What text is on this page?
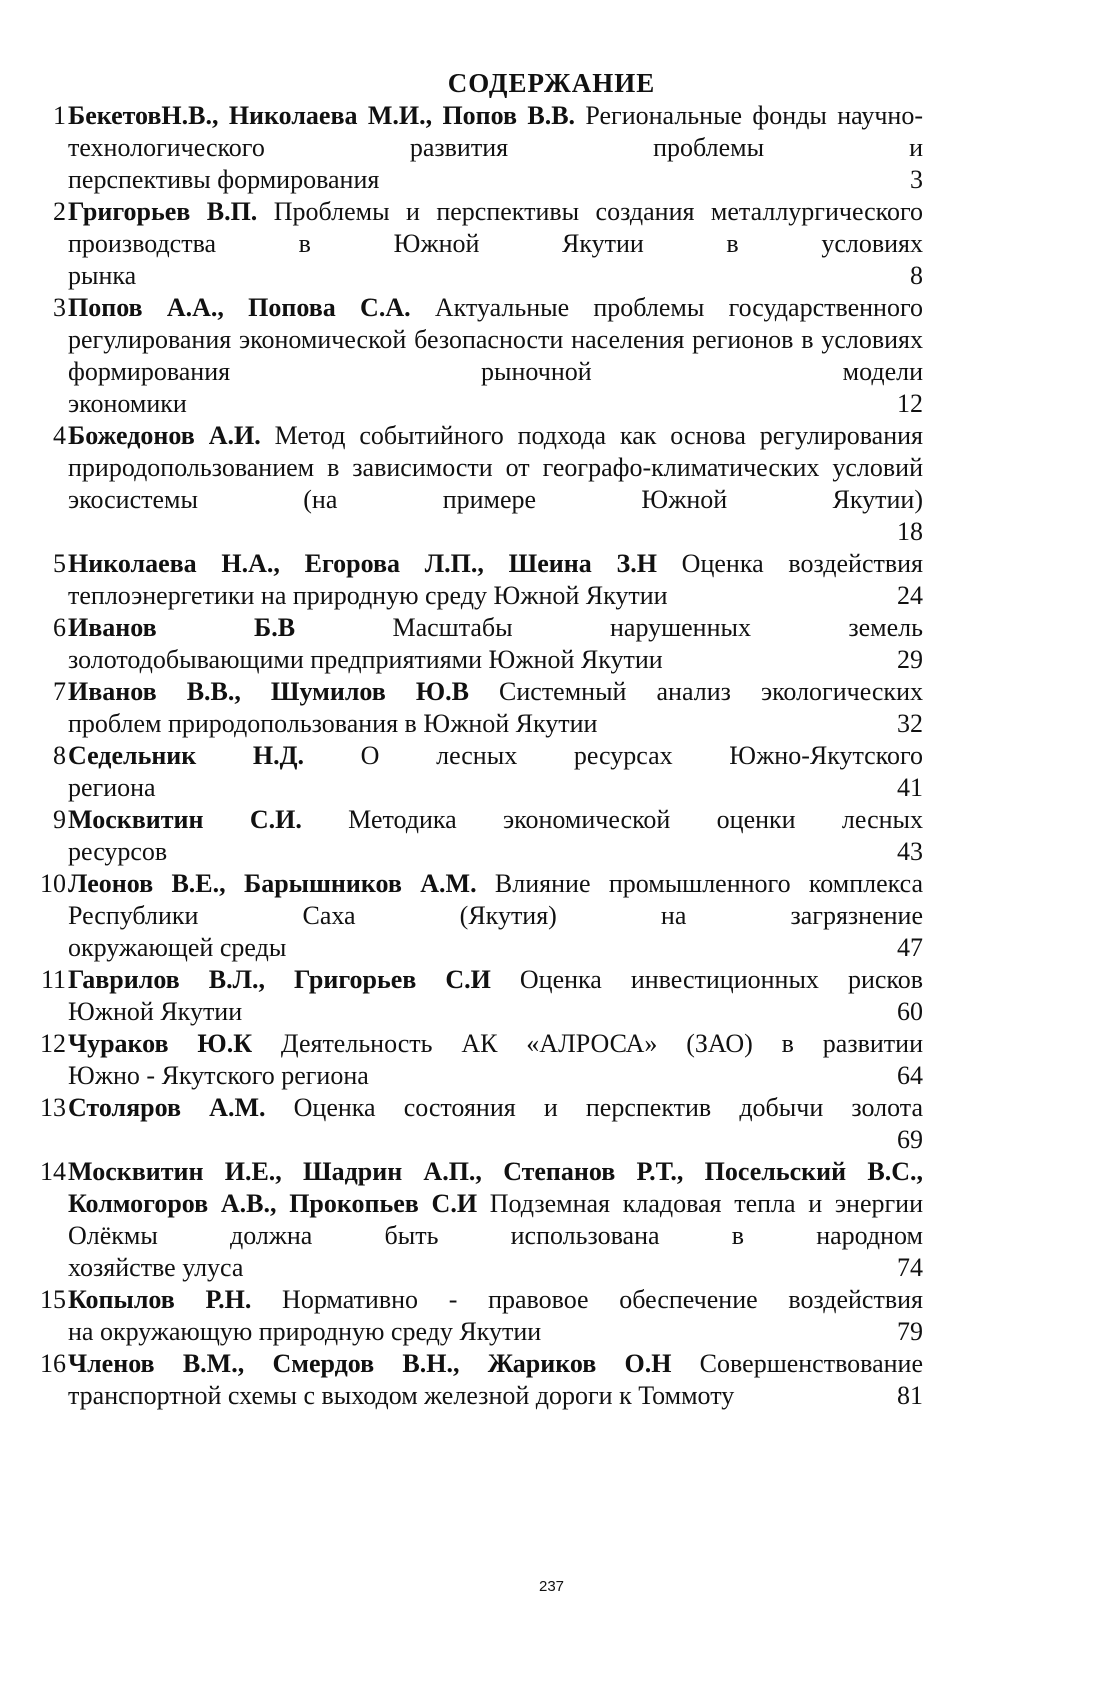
СОДЕРЖАНИЕ
1 БекетовН.В., Николаева М.И., Попов В.В. Региональные фонды научно-технологического развития проблемы и
перспективы формирования	3
2 Григорьев В.П. Проблемы и перспективы создания металлургического производства в Южной Якутии в условиях
рынка	8
3 Попов А.А., Попова С.А. Актуальные проблемы государственного регулирования экономической безопасности населения регионов в условиях формирования рыночной модели
экономики	12
4 Божедонов А.И. Метод событийного подхода как основа регулирования природопользованием в зависимости от географо-климатических условий экосистемы (на примере Южной Якутии)
18
5 Николаева Н.А., Егорова Л.П., Шеина З.Н Оценка воздействия
теплоэнергетики на природную среду Южной Якутии	24
6 Иванов Б.В Масштабы нарушенных земель
золотодобывающими предприятиями Южной Якутии	29
7 Иванов В.В., Шумилов Ю.В Системный анализ экологических
проблем природопользования в Южной Якутии	32
8 Седельник Н.Д. О лесных ресурсах Южно-Якутского
региона	41
9 Москвитин С.И. Методика экономической оценки лесных
ресурсов	43
10 Леонов В.Е., Барышников А.М. Влияние промышленного комплекса Республики Саха (Якутия) на загрязнение
окружающей среды	47
11 Гаврилов В.Л., Григорьев С.И Оценка инвестиционных рисков
Южной Якутии	60
12 Чураков Ю.К Деятельность АК «АЛРОСА» (ЗАО) в развитии
Южно - Якутского региона	64
13 Столяров А.М. Оценка состояния и перспектив добычи золота
69
14 Москвитин И.Е., Шадрин А.П., Степанов Р.Т., Посельский В.С., Колмогоров А.В., Прокопьев С.И Подземная кладовая тепла и энергии Олёкмы должна быть использована в народном
хозяйстве улуса	74
15 Копылов Р.Н. Нормативно - правовое обеспечение воздействия
на окружающую природную среду Якутии	79
16 Членов В.М., Смердов В.Н., Жариков О.Н Совершенствование
транспортной схемы с выходом железной дороги к Томмоту	81
237
